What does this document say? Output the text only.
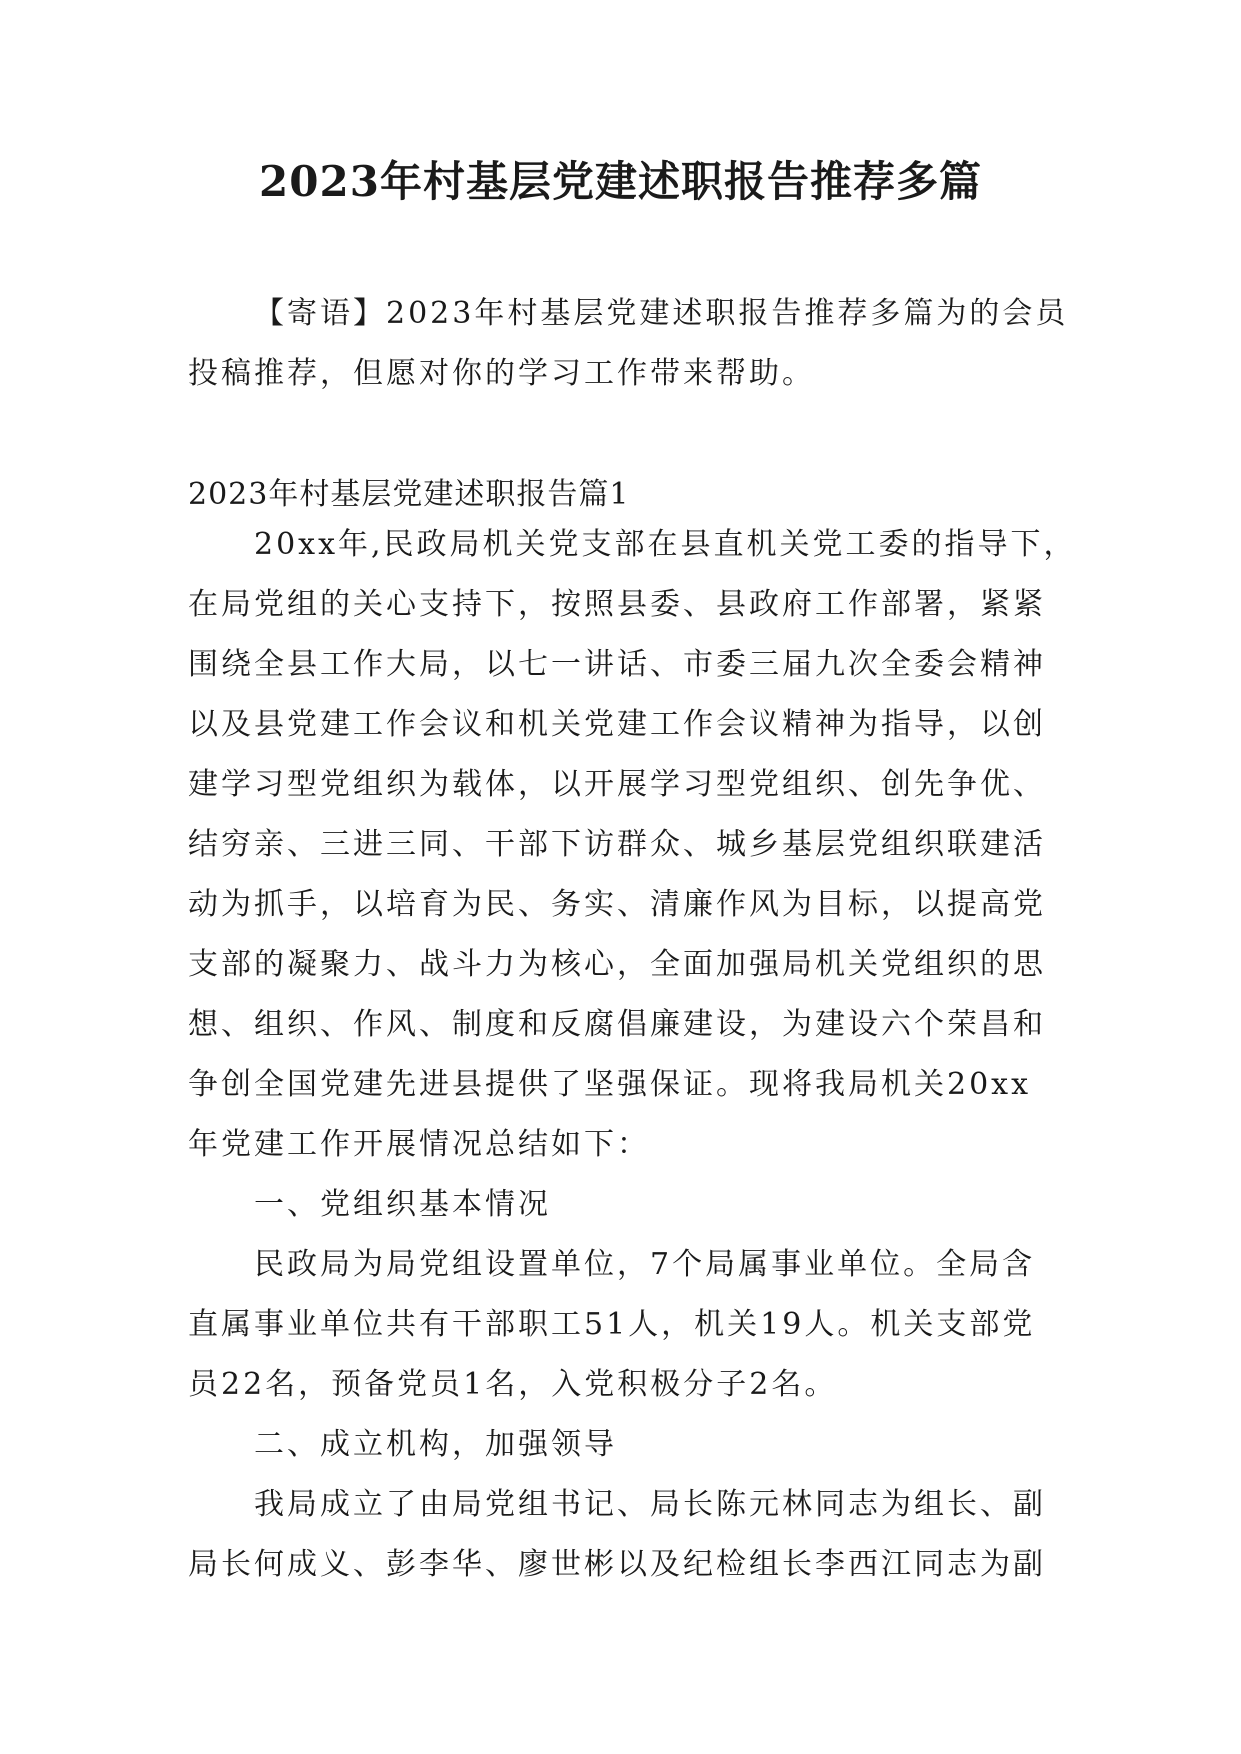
2023年村基层党建述职报告推荐多篇
【寄语】2023年村基层党建述职报告推荐多篇为的会员
投稿推荐，但愿对你的学习工作带来帮助。
2023年村基层党建述职报告篇1
20xx年,民政局机关党支部在县直机关党工委的指导下，
在局党组的关心支持下，按照县委、县政府工作部署，紧紧
围绕全县工作大局，以七一讲话、市委三届九次全委会精神
以及县党建工作会议和机关党建工作会议精神为指导，以创
建学习型党组织为载体，以开展学习型党组织、创先争优、
结穷亲、三进三同、干部下访群众、城乡基层党组织联建活
动为抓手，以培育为民、务实、清廉作风为目标，以提高党
支部的凝聚力、战斗力为核心，全面加强局机关党组织的思
想、组织、作风、制度和反腐倡廉建设，为建设六个荣昌和
争创全国党建先进县提供了坚强保证。现将我局机关20xx
年党建工作开展情况总结如下：
一、党组织基本情况
民政局为局党组设置单位，7个局属事业单位。全局含
直属事业单位共有干部职工51人，机关19人。机关支部党
员22名，预备党员1名，入党积极分子2名。
二、成立机构，加强领导
我局成立了由局党组书记、局长陈元林同志为组长、副
局长何成义、彭李华、廖世彬以及纪检组长李西江同志为副
